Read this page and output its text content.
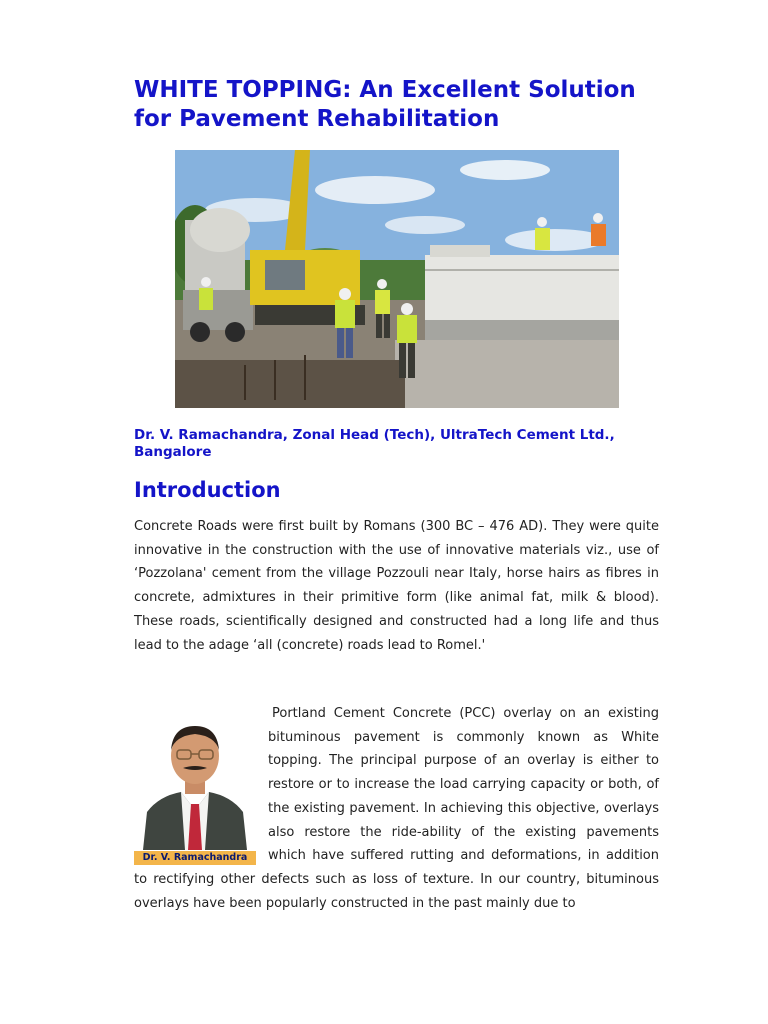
WHITE TOPPING: An Excellent Solution for Pavement Rehabilitation

Dr. V. Ramachandra, Zonal Head (Tech), UltraTech Cement Ltd., Bangalore

Introduction

Concrete Roads were first built by Romans (300 BC – 476 AD). They were quite innovative in the construction with the use of innovative materials viz., use of ‘Pozzolana' cement from the village Pozzouli near Italy, horse hairs as fibres in concrete, admixtures in their primitive form (like animal fat, milk & blood). These roads, scientifically designed and constructed had a long life and thus lead to the adage ‘all (concrete) roads lead to Romel.'

Dr. V. Ramachandra

Portland Cement Concrete (PCC) overlay on an existing bituminous pavement is commonly known as White topping. The principal purpose of an overlay is either to restore or to increase the load carrying capacity or both, of the existing pavement. In achieving this objective, overlays also restore the ride-ability of the existing pavements which have suffered rutting and deformations, in addition to rectifying other defects such as loss of texture. In our country, bituminous overlays have been popularly constructed in the past mainly due to
